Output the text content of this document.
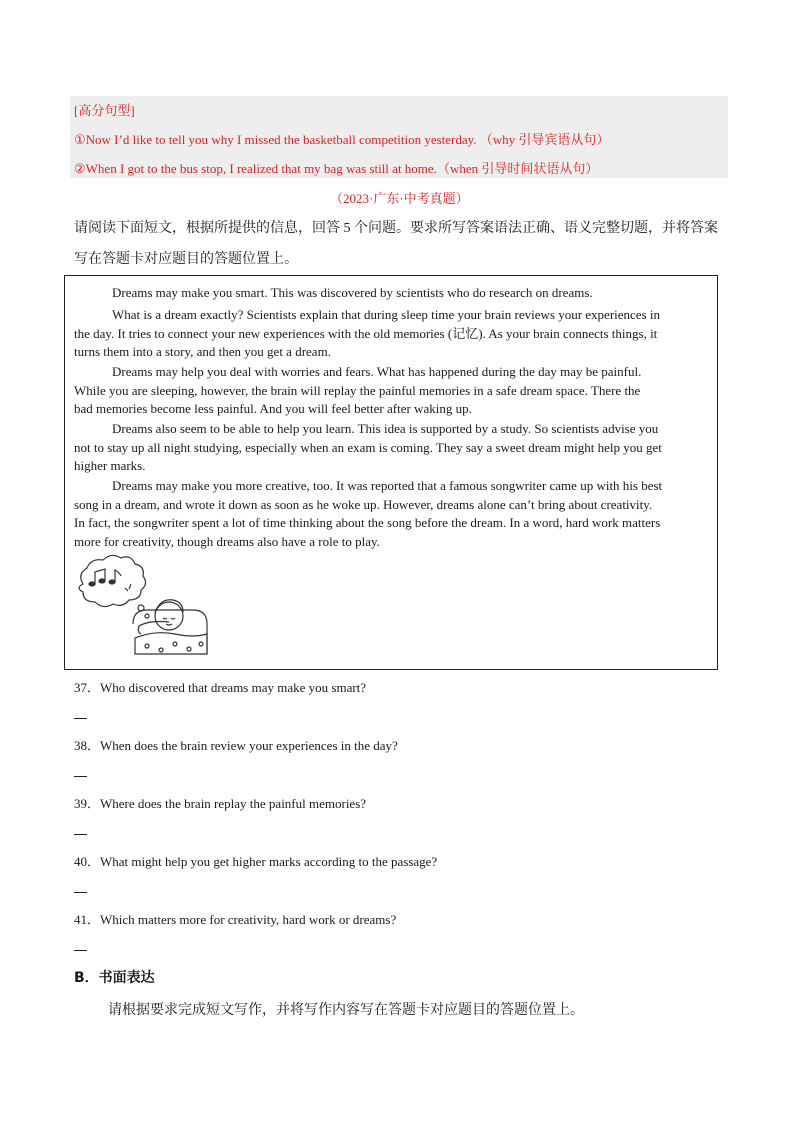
[高分句型]
①Now I’d like to tell you why I missed the basketball competition yesterday. （why 引导宾语从句）
②When I got to the bus stop, I realized that my bag was still at home.（when 引导时间状语从句）
（2023·广东·中考真题）
请阅读下面短文，根据所提供的信息，回答 5 个问题。要求所写答案语法正确、语义完整切题，并将答案
写在答题卡对应题目的答题位置上。
Dreams may make you smart. This was discovered by scientists who do research on dreams.
What is a dream exactly? Scientists explain that during sleep time your brain reviews your experiences in
the day. It tries to connect your new experiences with the old memories (记忆). As your brain connects things, it
turns them into a story, and then you get a dream.
Dreams may help you deal with worries and fears. What has happened during the day may be painful.
While you are sleeping, however, the brain will replay the painful memories in a safe dream space. There the
bad memories become less painful. And you will feel better after waking up.
Dreams also seem to be able to help you learn. This idea is supported by a study. So scientists advise you
not to stay up all night studying, especially when an exam is coming. They say a sweet dream might help you get
higher marks.
Dreams may make you more creative, too. It was reported that a famous songwriter came up with his best
song in a dream, and wrote it down as soon as he woke up. However, dreams alone can’t bring about creativity.
In fact, the songwriter spent a lot of time thinking about the song before the dream. In a word, hard work matters
more for creativity, though dreams also have a role to play.
37．Who discovered that dreams may make you smart?
38．When does the brain review your experiences in the day?
39．Where does the brain replay the painful memories?
40．What might help you get higher marks according to the passage?
41．Which matters more for creativity, hard work or dreams?
B．书面表达
请根据要求完成短文写作，并将写作内容写在答题卡对应题目的答题位置上。
